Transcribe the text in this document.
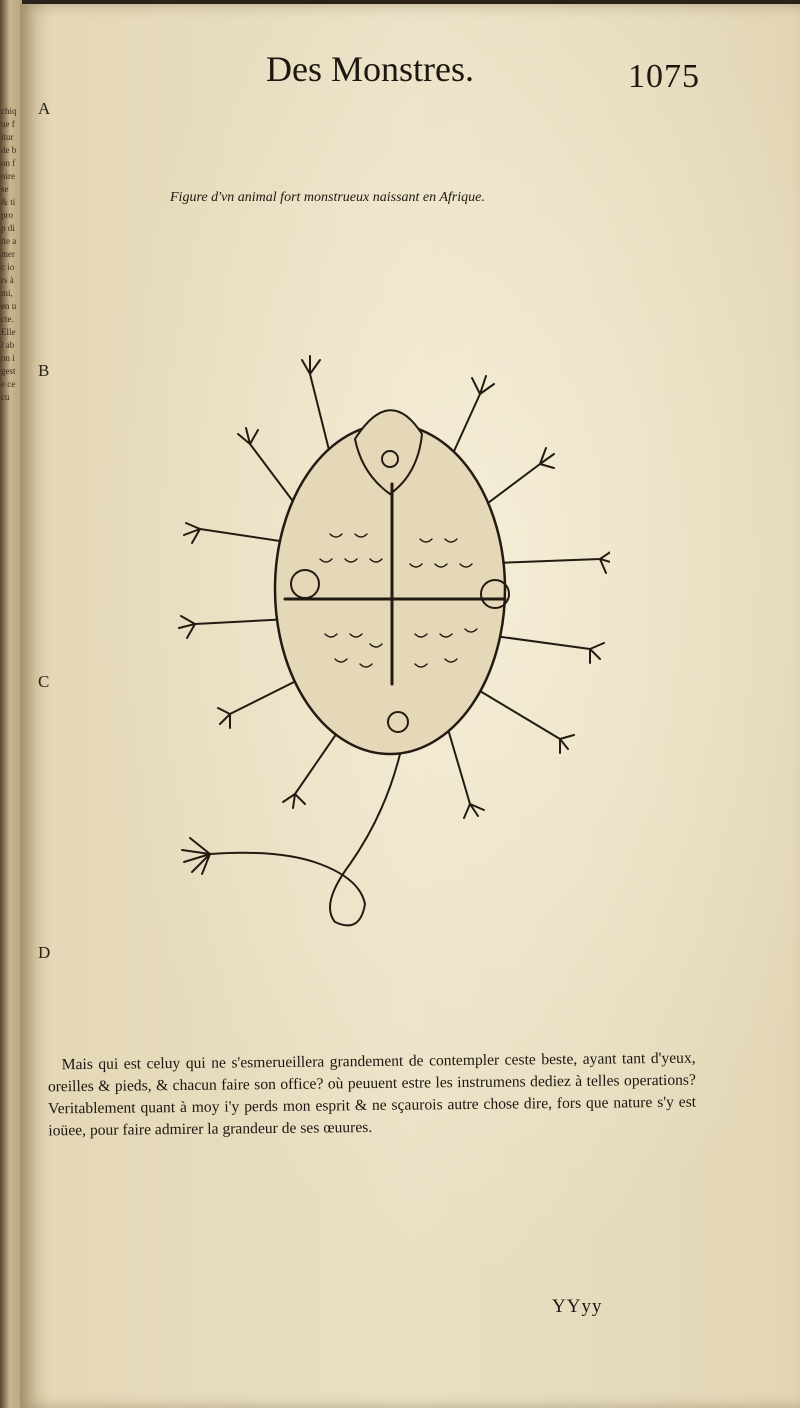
chique fitur de bon foire se & ti prop ditte amerc iors à mi, en ucte. Ellel abon igeste cecu
Des Monstres.	1075
A
B
C
D
Figure d'vn animal fort monstrueux naissant en Afrique.

Mais qui est celuy qui ne s'esmerueillera grandement de contempler ceste beste, ayant tant d'yeux, oreilles & pieds, & chacun faire son office? où peuuent estre les instrumens dediez à telles operations? Veritablement quant à moy i'y perds mon esprit & ne sçaurois autre chose dire, fors que nature s'y est ioüee, pour faire admirer la grandeur de ses œuures.

YYyy
